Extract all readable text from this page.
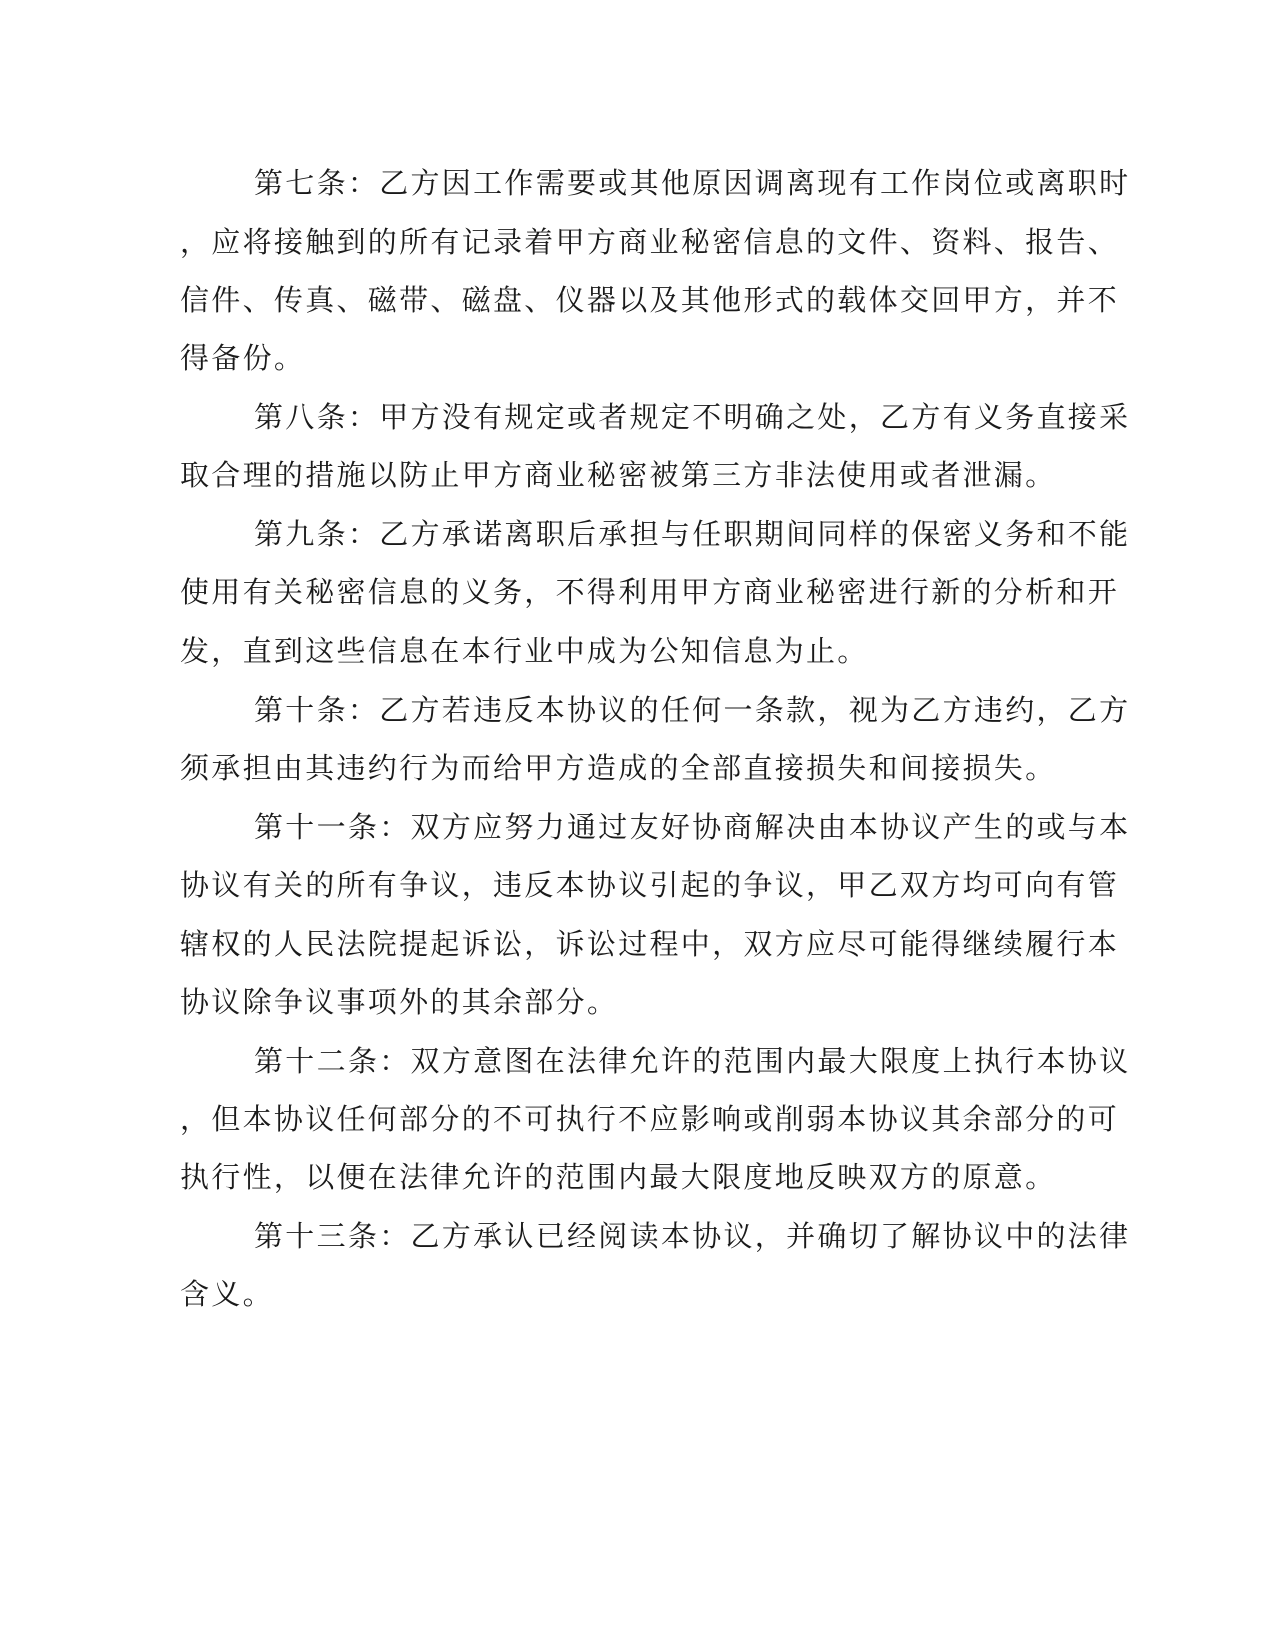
第七条：乙方因工作需要或其他原因调离现有工作岗位或离职时
，应将接触到的所有记录着甲方商业秘密信息的文件、资料、报告、
信件、传真、磁带、磁盘、仪器以及其他形式的载体交回甲方，并不
得备份。
第八条：甲方没有规定或者规定不明确之处，乙方有义务直接采
取合理的措施以防止甲方商业秘密被第三方非法使用或者泄漏。
第九条：乙方承诺离职后承担与任职期间同样的保密义务和不能
使用有关秘密信息的义务，不得利用甲方商业秘密进行新的分析和开
发，直到这些信息在本行业中成为公知信息为止。
第十条：乙方若违反本协议的任何一条款，视为乙方违约，乙方
须承担由其违约行为而给甲方造成的全部直接损失和间接损失。
第十一条：双方应努力通过友好协商解决由本协议产生的或与本
协议有关的所有争议，违反本协议引起的争议，甲乙双方均可向有管
辖权的人民法院提起诉讼，诉讼过程中，双方应尽可能得继续履行本
协议除争议事项外的其余部分。
第十二条：双方意图在法律允许的范围内最大限度上执行本协议
，但本协议任何部分的不可执行不应影响或削弱本协议其余部分的可
执行性，以便在法律允许的范围内最大限度地反映双方的原意。
第十三条：乙方承认已经阅读本协议，并确切了解协议中的法律
含义。
